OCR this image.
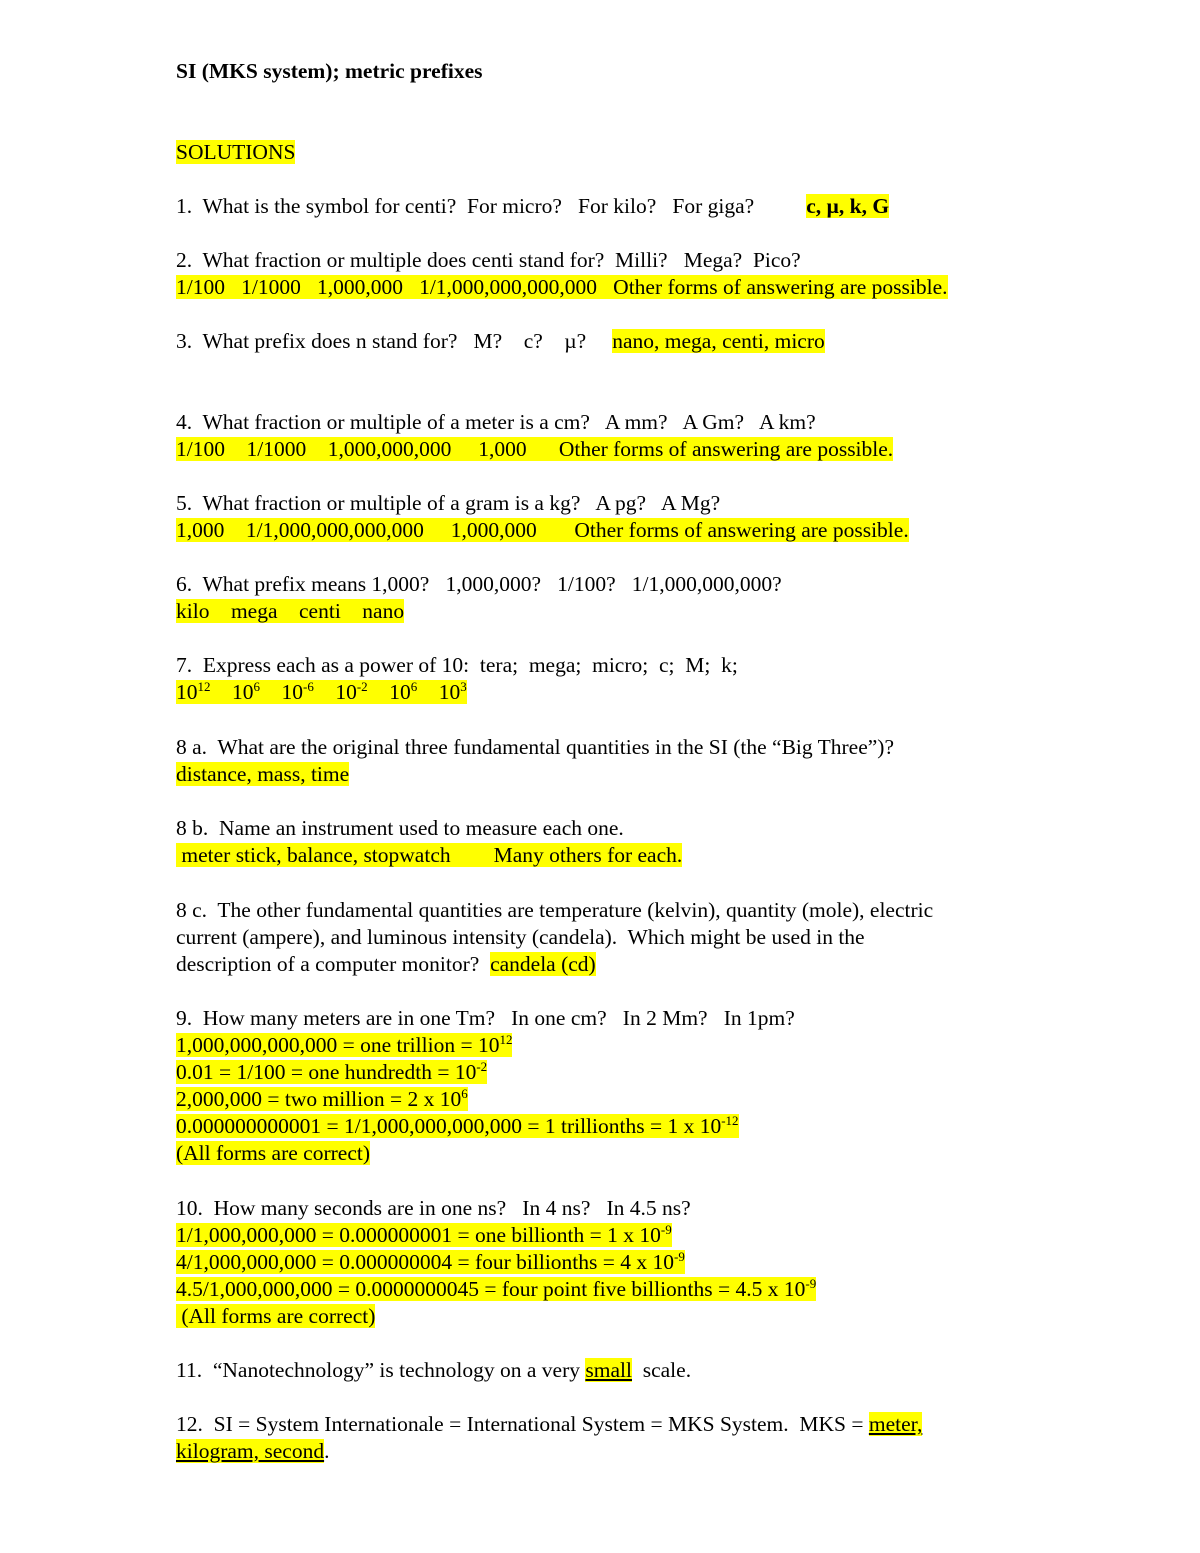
SI (MKS system); metric prefixes
SOLUTIONS
1.  What is the symbol for centi?  For micro?   For kilo?   For giga? c, µ, k, G
2.  What fraction or multiple does centi stand for?  Milli?   Mega?  Pico?
1/100   1/1000   1,000,000   1/1,000,000,000,000   Other forms of answering are possible.
3.  What prefix does n stand for?   M?    c?    µ? nano, mega, centi, micro
4.  What fraction or multiple of a meter is a cm?   A mm?   A Gm?   A km?
1/100    1/1000    1,000,000,000     1,000      Other forms of answering are possible.
5.  What fraction or multiple of a gram is a kg?   A pg?   A Mg?
1,000    1/1,000,000,000,000     1,000,000       Other forms of answering are possible.
6.  What prefix means 1,000?   1,000,000?   1/100?   1/1,000,000,000?
kilo    mega    centi    nano
7.  Express each as a power of 10:  tera;  mega;  micro;  c;  M;  k;
$10^{12}$ $10^6$ $10^{-6}$ $10^{-2}$ $10^6$ $10^3$
8 a.  What are the original three fundamental quantities in the SI (the “Big Three”)?
distance, mass, time
8 b.  Name an instrument used to measure each one.
meter stick, balance, stopwatch        Many others for each.
8 c.  The other fundamental quantities are temperature (kelvin), quantity (mole), electric
current (ampere), and luminous intensity (candela).  Which might be used in the
description of a computer monitor? candela (cd)
9.  How many meters are in one Tm?   In one cm?   In 2 Mm?   In 1pm?
1,000,000,000,000 = one trillion = $10^{12}$
0.01 = 1/100 = one hundredth = $10^{-2}$
2,000,000 = two million = 2 x $10^6$
0.000000000001 = 1/1,000,000,000,000 = 1 trillionths = 1 x $10^{-12}$
(All forms are correct)
10.  How many seconds are in one ns?   In 4 ns?   In 4.5 ns?
1/1,000,000,000 = 0.000000001 = one billionth = 1 x $10^{-9}$
4/1,000,000,000 = 0.000000004 = four billionths = 4 x $10^{-9}$
4.5/1,000,000,000 = 0.0000000045 = four point five billionths = 4.5 x $10^{-9}$
(All forms are correct)
11.  “Nanotechnology” is technology on a very small  scale.
12.  SI = System Internationale = International System = MKS System.  MKS = meter,
kilogram, second.
